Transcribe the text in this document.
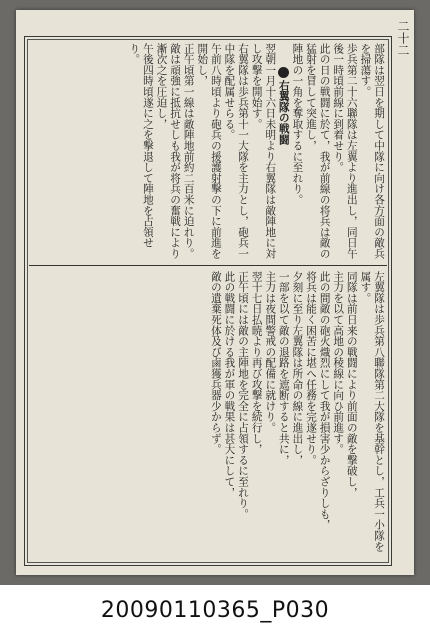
二十二

部隊は翌日を期して中隊に向け各方面の敵兵を掃蕩す。

歩兵第二十六聯隊は左翼より進出し，同日午後一時頃前線に到着せり。

此の日の戦闘に於て，我が前線の将兵は敵の猛射を冒して突進し，

陣地の一角を奪取するに至れり。

右翼隊の戦闘

翌朝一月十六日未明より右翼隊は敵陣地に対し攻撃を開始す。

右翼隊は歩兵第十一大隊を主力とし，砲兵一中隊を配属せらる。

午前八時頃より砲兵の援護射撃の下に前進を開始し，

正午頃第一線は敵陣地前約二百米に迫れり。

敵は頑強に抵抗せしも我が将兵の奮戦により漸次之を圧迫し，

午後四時頃遂に之を撃退して陣地を占領せり。

左翼隊は歩兵第八聯隊第二大隊を基幹とし，工兵一小隊を属す。

同隊は前日来の戦闘により前面の敵を撃破し，

主力を以て高地の稜線に向ひ前進す。

此の間敵の砲火熾烈にして我が損害少からざりしも，

将兵は能く困苦に堪へ任務を完遂せり。

夕刻に至り左翼隊は所命の線に進出し，

一部を以て敵の退路を遮断すると共に，

主力は夜間警戒の配備に就けり。

翌十七日払暁より再び攻撃を続行し，

正午頃には敵の主陣地を完全に占領するに至れり。

此の戦闘に於ける我が軍の戦果は甚大にして，

敵の遺棄死体及び鹵獲兵器少からず。

20090110365_P030
